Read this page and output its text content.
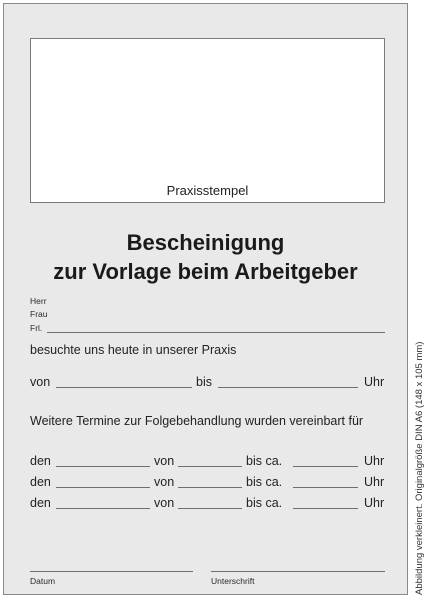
Praxisstempel
Bescheinigung
zur Vorlage beim Arbeitgeber
Herr
Frau
Frl.
besuchte uns heute in unserer Praxis
von	bis	Uhr
Weitere Termine zur Folgebehandlung wurden vereinbart für
den	von	bis ca.	Uhr
den	von	bis ca.	Uhr
den	von	bis ca.	Uhr
Datum	Unterschrift	Abbildung verkleinert. Originalgröße DIN A6 (148 x 105 mm)
